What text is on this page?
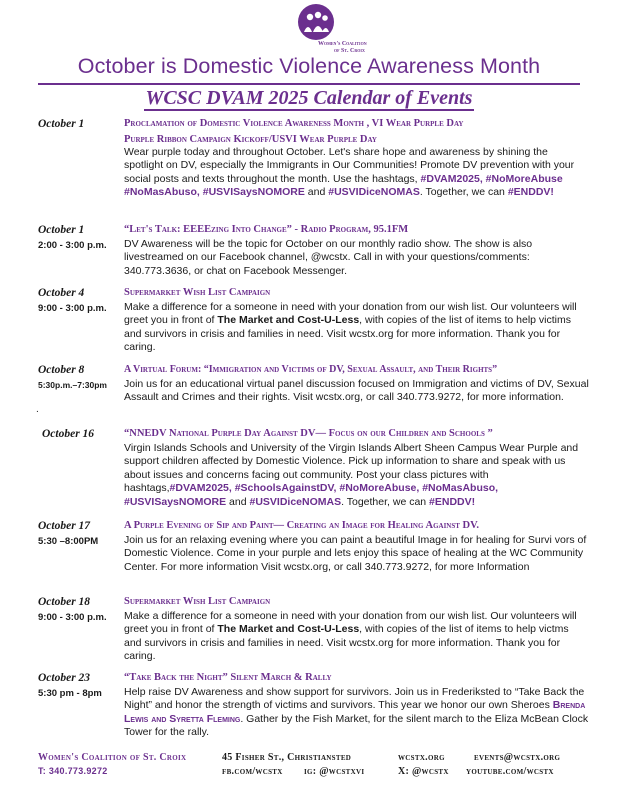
Women's Coalition
of St. Croix
October is Domestic Violence Awareness Month
WCSC DVAM 2025 Calendar of Events
October 1	Proclamation of Domestic Violence Awareness Month , VI Wear Purple Day
Purple Ribbon Campaign Kickoff/USVI Wear Purple Day
Wear purple today and throughout October. Let's share hope and awareness by shining the spotlight on DV, especially the Immigrants in Our Communities! Promote DV prevention with your social posts and texts throughout the month. Use the hashtags, #DVAM2025, #NoMoreAbuse #NoMasAbuso, #USVISaysNOMORE and #USVIDiceNOMAS. Together, we can #ENDDV!
October 1
2:00 - 3:00 p.m.
“Let's Talk: EEEEzing Into Change” - Radio Program, 95.1FM
DV Awareness will be the topic for October on our monthly radio show. The show is also livestreamed on our Facebook channel, @wcstx. Call in with your questions/comments: 340.773.3636, or chat on Facebook Messenger.
October 4
9:00 - 3:00 p.m.
Supermarket Wish List Campaign
Make a difference for a someone in need with your donation from our wish list. Our volunteers will greet you in front of The Market and Cost-U-Less, with copies of the list of items to help victims and survivors in crisis and families in need. Visit wcstx.org for more information. Thank you for caring.
October 8
5:30p.m.–7:30pm
A Virtual Forum: “Immigration and Victims of DV, Sexual Assault, and Their Rights”
Join us for an educational virtual panel discussion focused on Immigration and victims of DV, Sexual Assault and Crimes and their rights. Visit wcstx.org, or call 340.773.9272, for more information.
.
October 16	“NNEDV National Purple Day Against DV— Focus on our Children and Schools ”
Virgin Islands Schools and University of the Virgin Islands Albert Sheen Campus Wear Purple and support children affected by Domestic Violence. Pick up information to share and speak with us about issues and concerns facing out community. Post your class pictures with hashtags,#DVAM2025, #SchoolsAgainstDV, #NoMoreAbuse, #NoMasAbuso, #USVISaysNOMORE and #USVIDiceNOMAS. Together, we can #ENDDV!
October 17
5:30 –8:00PM
A Purple Evening of Sip and Paint— Creating an Image for Healing Against DV.
Join us for an relaxing evening where you can paint a beautiful Image in for healing for Survi vors of Domestic Violence. Come in your purple and lets enjoy this space of healing at the WC Community Center. For more information Visit wcstx.org, or call 340.773.9272, for more Information
October 18
9:00 - 3:00 p.m.
Supermarket Wish List Campaign
Make a difference for a someone in need with your donation from our wish list. Our volunteers will greet you in front of The Market and Cost-U-Less, with copies of the list of items to help victms and survivors in crisis and families in need. Visit wcstx.org for more information. Thank you for caring.
October 23
5:30 pm - 8pm
“Take Back the Night” Silent March & Rally
Help raise DV Awareness and show support for survivors. Join us in Frederiksted to “Take Back the Night” and honor the strength of victims and survivors. This year we honor our own Sheroes Brenda Lewis and Syretta Fleming. Gather by the Fish Market, for the silent march to the Eliza McBean Clock Tower for the rally.
Women's Coalition of St. Croix
T: 340.773.9272
45 Fisher St., Christiansted
fb.com/wcstx ig: @wcstxvi
wcstx.org
X: @wcstx
events@wcstx.org
youtube.com/wcstx
